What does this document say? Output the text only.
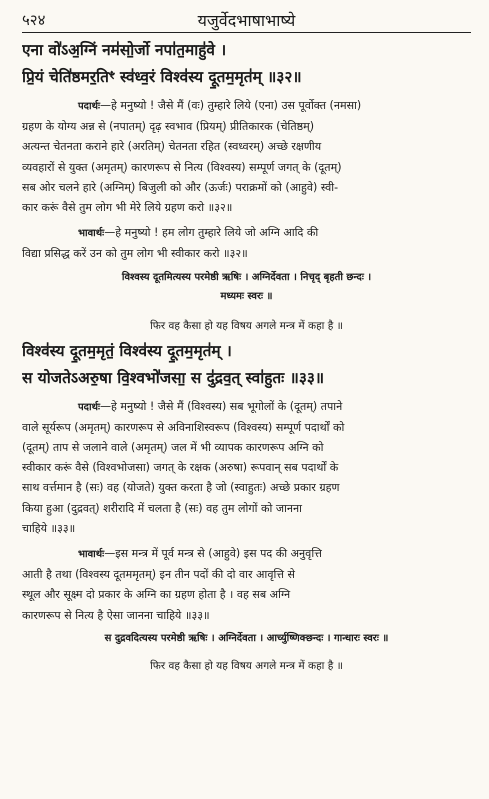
५२४	यजुर्वेदभाषाभाष्ये

एना वो॑ऽअ॒ग्निं नम॑सो॒र्जो नपा॑त॒माहु॑वे ।

प्रि॒यं चेति॑ष्ठमर॒तिꣳ स्व॑ध्व॒रं विश्व॑स्य दू॒तम॒मृत॑म् ॥३२॥

पदार्थः—हे मनुष्यो ! जैसे मैं (वः) तुम्हारे लिये (एना) उस पूर्वोक्त (नमसा)
ग्रहण के योग्य अन्न से (नपातम्) दृढ़ स्वभाव (प्रियम्) प्रीतिकारक (चेतिष्ठम्)
अत्यन्त चेतनता कराने हारे (अरतिम्) चेतनता रहित (स्वध्वरम्) अच्छे रक्षणीय
व्यवहारों से युक्त (अमृतम्) कारणरूप से नित्य (विश्वस्य) सम्पूर्ण जगत् के (दूतम्)
सब ओर चलने हारे (अग्निम्) बिजुली को और (ऊर्जः) पराक्रमों को (आहुवे) स्वी-
कार करूं वैसे तुम लोग भी मेरे लिये ग्रहण करो ॥३२॥
भावार्थः—हे मनुष्यो ! हम लोग तुम्हारे लिये जो अग्नि आदि की
विद्या प्रसिद्ध करें उन को तुम लोग भी स्वीकार करो ॥३२॥

विश्वस्य दूतमित्यस्य परमेष्ठी ऋषिः । अग्निर्देवता । निचृद् बृहती छन्दः ।

मध्यमः स्वरः ॥

फिर वह कैसा हो यह विषय अगले मन्त्र में कहा है ॥

विश्व॑स्य दू॒तम॒मृतं॒ विश्व॑स्य दू॒तम॒मृत॑म् ।

स योजतेऽअरु॒षा वि॒श्वभो॑जसा॒ स दु॑द्रव॒त् स्वा॑हुतः ॥३३॥

पदार्थः—हे मनुष्यो ! जैसे मैं (विश्वस्य) सब भूगोलों के (दूतम्) तपाने
वाले सूर्यरूप (अमृतम्) कारणरूप से अविनाशिस्वरूप (विश्वस्य) सम्पूर्ण पदार्थों को
(दूतम्) ताप से जलाने वाले (अमृतम्) जल में भी व्यापक कारणरूप अग्नि को
स्वीकार करूं वैसे (विश्वभोजसा) जगत् के रक्षक (अरुषा) रूपवान् सब पदार्थों के
साथ वर्त्तमान है (सः) वह (योजते) युक्त करता है जो (स्वाहुतः) अच्छे प्रकार ग्रहण
किया हुआ (दुद्रवत्) शरीरादि में चलता है (सः) वह तुम लोगों को जानना
चाहिये ॥३३॥
भावार्थः—इस मन्त्र में पूर्व मन्त्र से (आहुवे) इस पद की अनुवृत्ति
आती है तथा (विश्वस्य दूतममृतम्) इन तीन पदों की दो वार आवृत्ति से
स्थूल और सूक्ष्म दो प्रकार के अग्नि का ग्रहण होता है । वह सब अग्नि
कारणरूप से नित्य है ऐसा जानना चाहिये ॥३३॥

स दुद्रवदित्यस्य परमेष्ठी ऋषिः । अग्निर्देवता । आर्च्युष्णिक्छन्दः । गान्धारः स्वरः ॥

फिर वह कैसा हो यह विषय अगले मन्त्र में कहा है ॥
